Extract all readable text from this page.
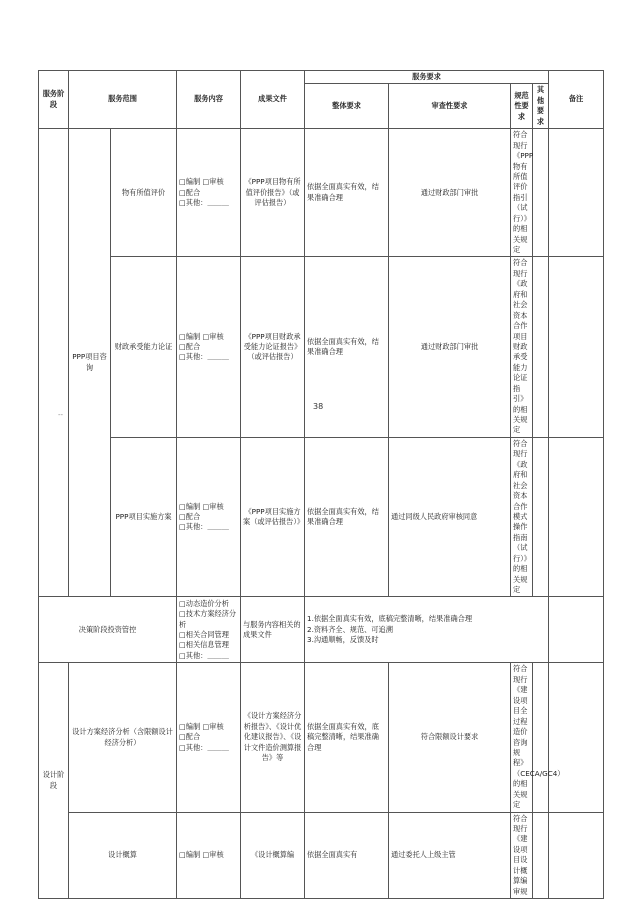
服务阶段	服务范围		服务内容	成果文件	服务要求				备注
					整体要求	审查性要求	规范性要求	其他要求	
	PPP项目咨询	物有所值评价	□编制 □审核
□配合
□其他：＿＿＿	《PPP项目物有所值评价报告》（或评估报告）	依据全面真实有效，结果准确合理	通过财政部门审批	符合现行《PPP物有所值评价指引（试行）》的相关规定		
		财政承受能力论证	□编制 □审核
□配合
□其他：＿＿＿	《PPP项目财政承受能力论证报告》（或评估报告）	依据全面真实有效，结果准确合理	通过财政部门审批	符合现行《政府和社会资本合作项目财政承受能力论证指引》的相关规定		
		PPP项目实施方案	□编制 □审核
□配合
□其他：＿＿＿	《PPP项目实施方案（或评估报告）》	依据全面真实有效，结果准确合理	通过同级人民政府审核同意	符合现行《政府和社会资本合作模式操作指南（试行）》的相关规定		
决策阶段投资管控			□动态造价分析
□技术方案经济分析
□相关合同管理
□相关信息管理
□其他：＿＿＿	与服务内容相关的成果文件	1.依据全面真实有效，底稿完整清晰，结果准确合理
2.资料齐全、规范、可追溯
3.沟通顺畅，反馈及时				

设计阶段	设计方案经济分析（含限额设计经济分析）		□编制 □审核
□配合
□其他：＿＿＿	《设计方案经济分析报告》、《设计优化建议报告》、《设计文件造价测算报告》等	依据全面真实有效，底稿完整清晰，结果准确合理	符合限额设计要求	符合现行《建设项目全过程造价咨询规程》（CECA/GC4）的相关规定		
	设计概算		□编制 □审核	《设计概算编	依据全面真实有	通过委托人上级主管	符合现行《建设项目设计概算编审规		
--
38
